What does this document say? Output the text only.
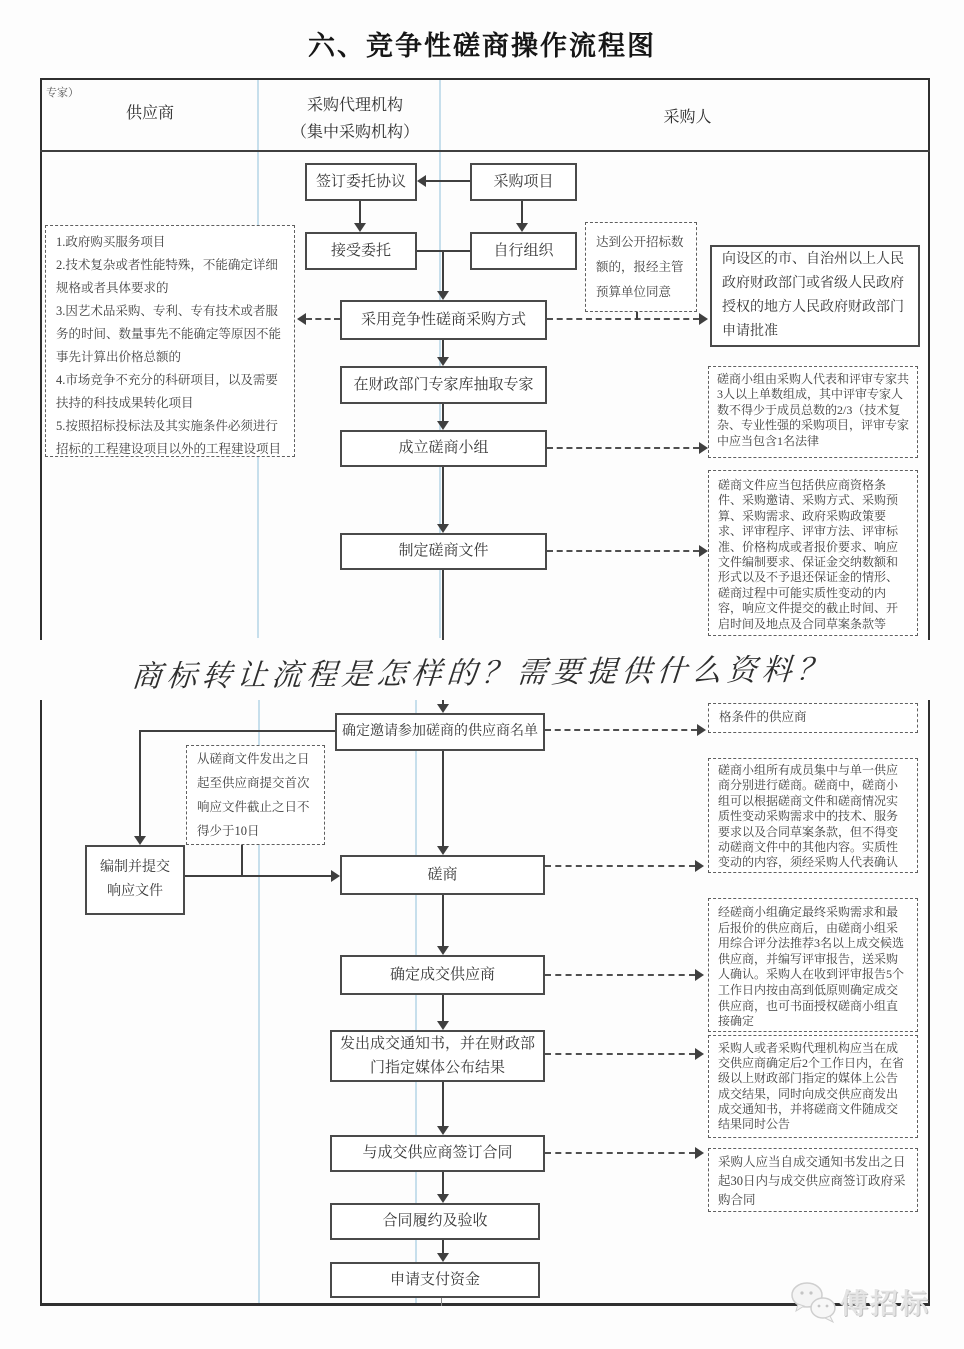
六、竞争性磋商操作流程图
专家）
供应商	采购代理机构
（集中采购机构）
采购人
签订委托协议	采购项目
接受委托	自行组织
采用竞争性磋商采购方式
在财政部门专家库抽取专家
成立磋商小组
制定磋商文件
1.政府购买服务项目
2.技术复杂或者性能特殊，不能确定详细规格或者具体要求的
3.因艺术品采购、专利、专有技术或者服务的时间、数量事先不能确定等原因不能事先计算出价格总额的
4.市场竞争不充分的科研项目，以及需要扶持的科技成果转化项目
5.按照招标投标法及其实施条件必须进行招标的工程建设项目以外的工程建设项目
达到公开招标数额的，报经主管预算单位同意
向设区的市、自治州以上人民政府财政部门或省级人民政府授权的地方人民政府财政部门申请批准
磋商小组由采购人代表和评审专家共3人以上单数组成，其中评审专家人数不得少于成员总数的2/3（技术复杂、专业性强的采购项目，评审专家中应当包含1名法律
磋商文件应当包括供应商资格条件、采购邀请、采购方式、采购预算、采购需求、政府采购政策要求、评审程序、评审方法、评审标准、价格构成或者报价要求、响应文件编制要求、保证金交纳数额和形式以及不予退还保证金的情形、磋商过程中可能实质性变动的内容，响应文件提交的截止时间、开启时间及地点及合同草案条款等
商标转让流程是怎样的？需要提供什么资料？
确定邀请参加磋商的供应商名单
编制并提交
响应文件
磋商
确定成交供应商
发出成交通知书，并在财政部门指定媒体公布结果
与成交供应商签订合同
合同履约及验收
申请支付资金
格条件的供应商
从磋商文件发出之日起至供应商提交首次响应文件截止之日不得少于10日
磋商小组所有成员集中与单一供应商分别进行磋商。磋商中，磋商小组可以根据磋商文件和磋商情况实质性变动采购需求中的技术、服务要求以及合同草案条款，但不得变动磋商文件中的其他内容。实质性变动的内容，须经采购人代表确认
经磋商小组确定最终采购需求和最后报价的供应商后，由磋商小组采用综合评分法推荐3名以上成交候选供应商，并编写评审报告，送采购人确认。采购人在收到评审报告5个工作日内按由高到低原则确定成交供应商，也可书面授权磋商小组直接确定
采购人或者采购代理机构应当在成交供应商确定后2个工作日内，在省级以上财政部门指定的媒体上公告成交结果，同时向成交供应商发出成交通知书，并将磋商文件随成交结果同时公告
采购人应当自成交通知书发出之日起30日内与成交供应商签订政府采购合同
傅招标
